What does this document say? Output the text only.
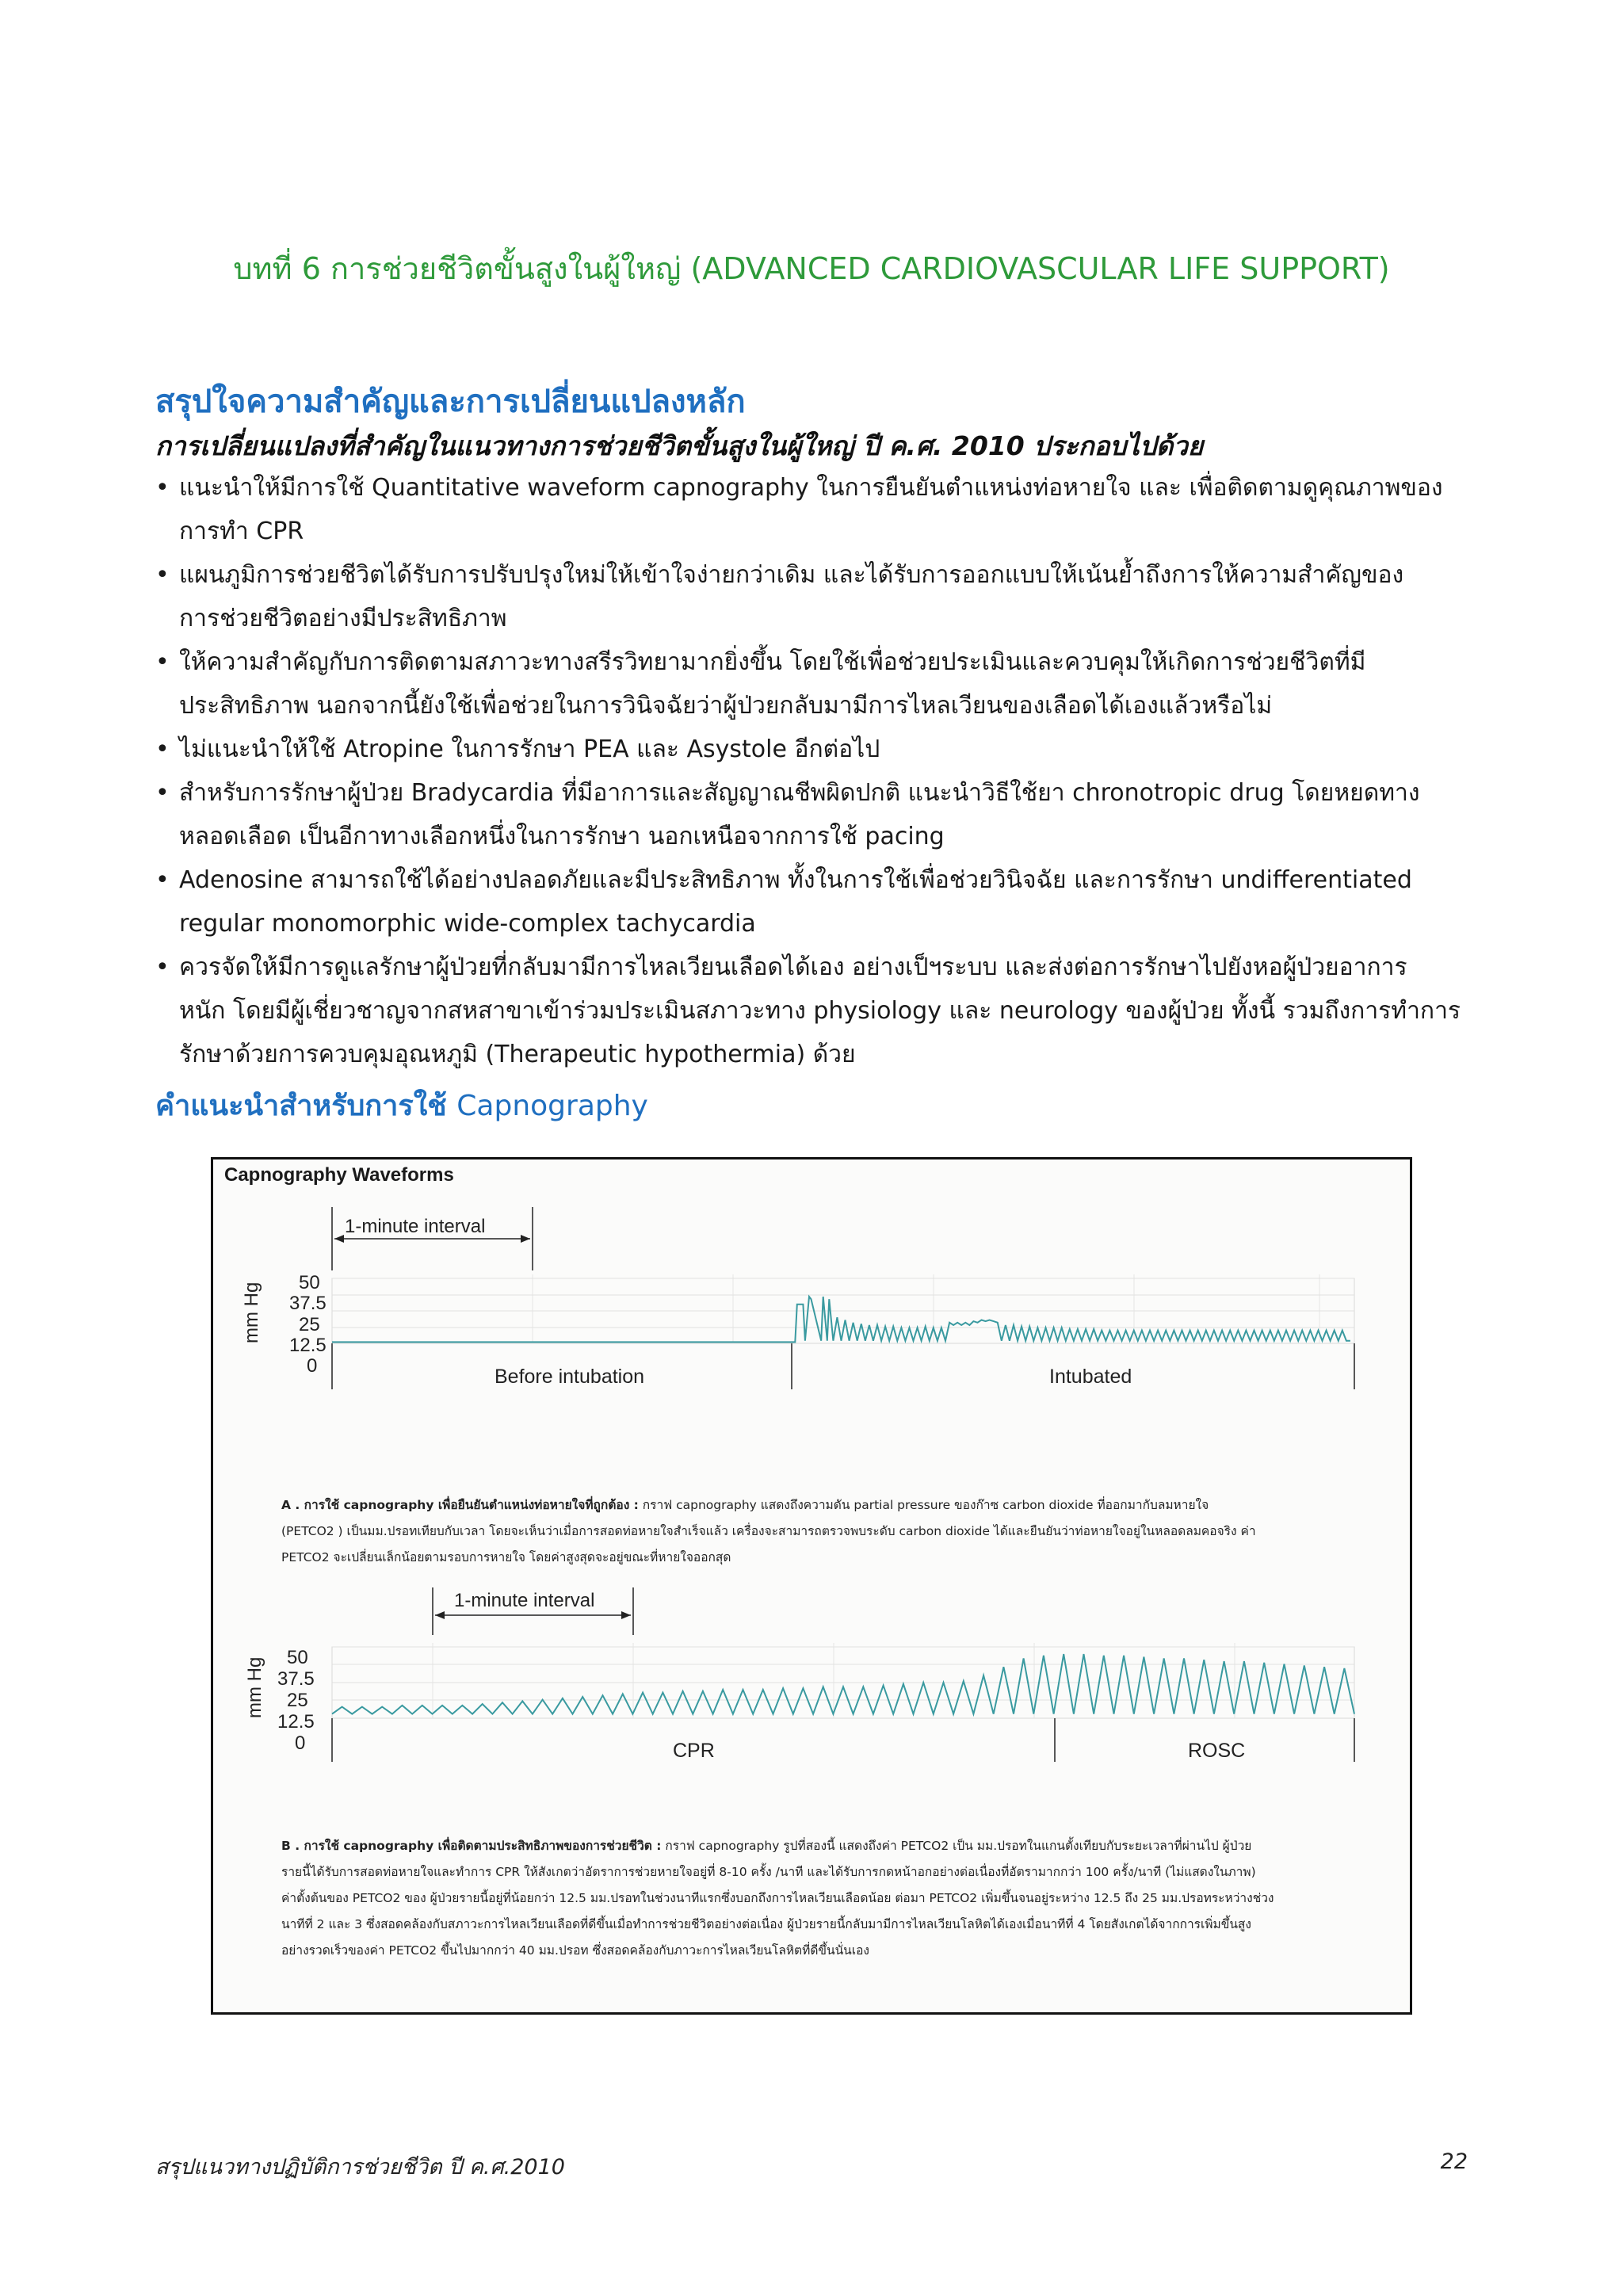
บทที่ 6 การช่วยชีวิตขั้นสูงในผู้ใหญ่ (ADVANCED CARDIOVASCULAR LIFE SUPPORT)
สรุปใจความสำคัญและการเปลี่ยนแปลงหลัก
การเปลี่ยนแปลงที่สำคัญในแนวทางการช่วยชีวิตขั้นสูงในผู้ใหญ่ ปี ค.ศ. 2010 ประกอบไปด้วย
• แนะนำให้มีการใช้ Quantitative waveform capnography ในการยืนยันตำแหน่งท่อหายใจ และ เพื่อติดตามดูคุณภาพของ
การทำ CPR
• แผนภูมิการช่วยชีวิตได้รับการปรับปรุงใหม่ให้เข้าใจง่ายกว่าเดิม และได้รับการออกแบบให้เน้นย้ำถึงการให้ความสำคัญของ
การช่วยชีวิตอย่างมีประสิทธิภาพ
• ให้ความสำคัญกับการติดตามสภาวะทางสรีรวิทยามากยิ่งขึ้น โดยใช้เพื่อช่วยประเมินและควบคุมให้เกิดการช่วยชีวิตที่มี
ประสิทธิภาพ นอกจากนี้ยังใช้เพื่อช่วยในการวินิจฉัยว่าผู้ป่วยกลับมามีการไหลเวียนของเลือดได้เองแล้วหรือไม่
• ไม่แนะนำให้ใช้ Atropine ในการรักษา PEA และ Asystole อีกต่อไป
• สำหรับการรักษาผู้ป่วย Bradycardia ที่มีอาการและสัญญาณชีพผิดปกติ แนะนำวิธีใช้ยา chronotropic drug โดยหยดทาง
หลอดเลือด เป็นอีกาทางเลือกหนึ่งในการรักษา นอกเหนือจากการใช้ pacing
• Adenosine สามารถใช้ได้อย่างปลอดภัยและมีประสิทธิภาพ ทั้งในการใช้เพื่อช่วยวินิจฉัย และการรักษา undifferentiated
regular monomorphic wide-complex tachycardia
• ควรจัดให้มีการดูแลรักษาผู้ป่วยที่กลับมามีการไหลเวียนเลือดได้เอง อย่างเป็ฯระบบ และส่งต่อการรักษาไปยังหอผู้ป่วยอาการ
หนัก โดยมีผู้เชี่ยวชาญจากสหสาขาเข้าร่วมประเมินสภาวะทาง physiology และ neurology ของผู้ป่วย ทั้งนี้ รวมถึงการทำการ
รักษาด้วยการควบคุมอุณหภูมิ (Therapeutic hypothermia) ด้วย
คำแนะนำสำหรับการใช้ Capnography
Capnography Waveforms
50
37.5
25
12.5
0
mm Hg
1-minute interval
Before intubation	Intubated
50
37.5
25
12.5
0
mm Hg
1-minute interval
CPR	ROSC
A . การใช้ capnography เพื่อยืนยันตำแหน่งท่อหายใจที่ถูกต้อง : กราฟ capnography แสดงถึงความดัน partial pressure ของก๊าซ carbon dioxide ที่ออกมากับลมหายใจ
(PETCO2 ) เป็นมม.ปรอทเทียบกับเวลา โดยจะเห็นว่าเมื่อการสอดท่อหายใจสำเร็จแล้ว เครื่องจะสามารถตรวจพบระดับ carbon dioxide ได้และยืนยันว่าท่อหายใจอยู่ในหลอดลมคอจริง ค่า
PETCO2 จะเปลี่ยนเล็กน้อยตามรอบการหายใจ โดยค่าสูงสุดจะอยู่ขณะที่หายใจออกสุด
B . การใช้ capnography เพื่อติดตามประสิทธิภาพของการช่วยชีวิต : กราฟ capnography รูปที่สองนี้ แสดงถึงค่า PETCO2 เป็น มม.ปรอทในแกนตั้งเทียบกับระยะเวลาที่ผ่านไป ผู้ป่วย
รายนี้ได้รับการสอดท่อหายใจและทำการ CPR ให้สังเกตว่าอัตราการช่วยหายใจอยู่ที่ 8-10 ครั้ง /นาที และได้รับการกดหน้าอกอย่างต่อเนื่องที่อัตรามากกว่า 100 ครั้ง/นาที (ไม่แสดงในภาพ)
ค่าตั้งต้นของ PETCO2 ของ ผู้ป่วยรายนี้อยู่ที่น้อยกว่า 12.5 มม.ปรอทในช่วงนาทีแรกซึ่งบอกถึงการไหลเวียนเลือดน้อย ต่อมา PETCO2 เพิ่มขึ้นจนอยู่ระหว่าง 12.5 ถึง 25 มม.ปรอทระหว่างช่วง
นาทีที่ 2 และ 3 ซึ่งสอดคล้องกับสภาวะการไหลเวียนเลือดที่ดีขึ้นเมื่อทำการช่วยชีวิตอย่างต่อเนื่อง ผู้ป่วยรายนี้กลับมามีการไหลเวียนโลหิตได้เองเมื่อนาทีที่ 4 โดยสังเกตได้จากการเพิ่มขึ้นสูง
อย่างรวดเร็วของค่า PETCO2 ขึ้นไปมากกว่า 40 มม.ปรอท ซึ่งสอดคล้องกับภาวะการไหลเวียนโลหิตที่ดีขึ้นนั่นเอง
สรุปแนวทางปฏิบัติการช่วยชีวิต ปี ค.ศ.2010	22
